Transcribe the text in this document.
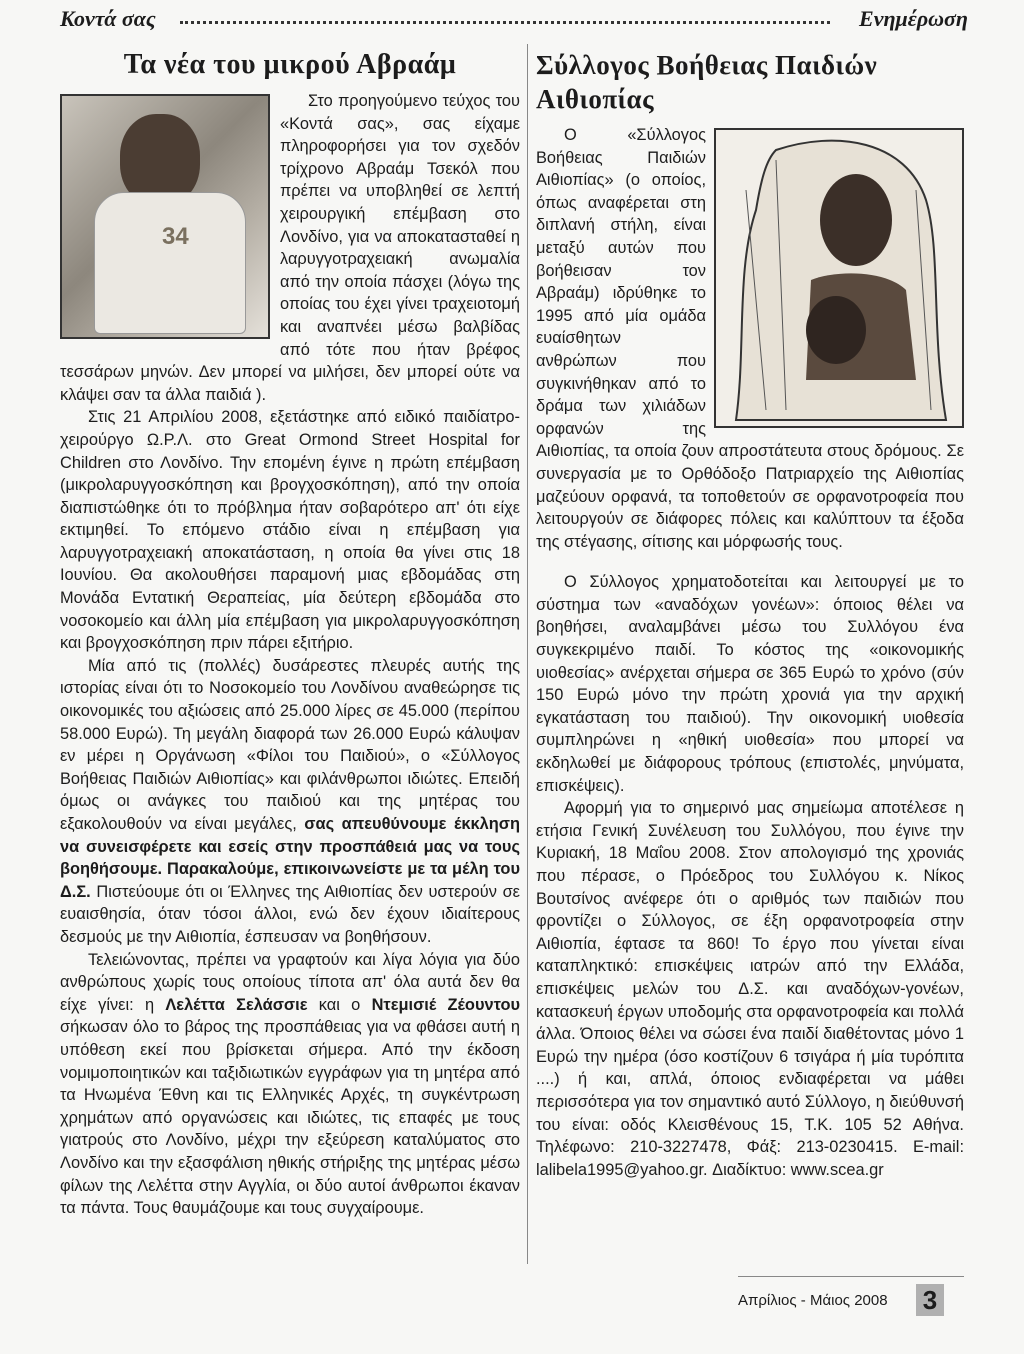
Κοντά σας	Ενημέρωση
Τα νέα του μικρού Αβραάμ
34

Στο προηγούμενο τεύχος του «Κοντά σας», σας είχαμε πληροφορήσει για τον σχεδόν τρίχρονο Αβραάμ Τσεκόλ που πρέπει να υποβληθεί σε λεπτή χειρουργική επέμβαση στο Λονδίνο, για να αποκατασταθεί η λαρυγγοτραχειακή ανωμαλία από την οποία πάσχει (λόγω της οποίας του έχει γίνει τραχειοτομή και αναπνέει μέσω βαλβίδας από τότε που ήταν βρέφος τεσσάρων μηνών. Δεν μπορεί να μιλήσει, δεν μπορεί ούτε να κλάψει σαν τα άλλα παιδιά ).

Στις 21 Απριλίου 2008, εξετάστηκε από ειδικό παιδίατρο-χειρούργο Ω.Ρ.Λ. στο Great Ormond Street Hospital for Children στο Λονδίνο. Την επομένη έγινε η πρώτη επέμβαση (μικρολαρυγγοσκόπηση και βρογχοσκόπηση), από την οποία διαπιστώθηκε ότι το πρόβλημα ήταν σοβαρότερο απ' ότι είχε εκτιμηθεί. Το επόμενο στάδιο είναι η επέμβαση για λαρυγγοτραχειακή αποκατάσταση, η οποία θα γίνει στις 18 Ιουνίου. Θα ακολουθήσει παραμονή μιας εβδομάδας στη Μονάδα Εντατική Θεραπείας, μία δεύτερη εβδομάδα στο νοσοκομείο και άλλη μία επέμβαση για μικρολαρυγγοσκόπηση και βρογχοσκόπηση πριν πάρει εξιτήριο.

Μία από τις (πολλές) δυσάρεστες πλευρές αυτής της ιστορίας είναι ότι το Νοσοκομείο του Λονδίνου αναθεώρησε τις οικονομικές του αξιώσεις από 25.000 λίρες σε 45.000 (περίπου 58.000 Ευρώ). Τη μεγάλη διαφορά των 26.000 Ευρώ κάλυψαν εν μέρει η Οργάνωση «Φίλοι του Παιδιού», ο «Σύλλογος Βοήθειας Παιδιών Αιθιοπίας» και φιλάνθρωποι ιδιώτες. Επειδή όμως οι ανάγκες του παιδιού και της μητέρας του εξακολουθούν να είναι μεγάλες, σας απευθύνουμε έκκληση να συνεισφέρετε και εσείς στην προσπάθειά μας να τους βοηθήσουμε. Παρακαλούμε, επικοινωνείστε με τα μέλη του Δ.Σ. Πιστεύουμε ότι οι Έλληνες της Αιθιοπίας δεν υστερούν σε ευαισθησία, όταν τόσοι άλλοι, ενώ δεν έχουν ιδιαίτερους δεσμούς με την Αιθιοπία, έσπευσαν να βοηθήσουν.

Τελειώνοντας, πρέπει να γραφτούν και λίγα λόγια για δύο ανθρώπους χωρίς τους οποίους τίποτα απ' όλα αυτά δεν θα είχε γίνει: η Λελέττα Σελάσσιε και ο Ντεμισιέ Ζέουντου σήκωσαν όλο το βάρος της προσπάθειας για να φθάσει αυτή η υπόθεση εκεί που βρίσκεται σήμερα. Από την έκδοση νομιμοποιητικών και ταξιδιωτικών εγγράφων για τη μητέρα από τα Ηνωμένα Έθνη και τις Ελληνικές Αρχές, τη συγκέντρωση χρημάτων από οργανώσεις και ιδιώτες, τις επαφές με τους γιατρούς στο Λονδίνο, μέχρι την εξεύρεση καταλύματος στο Λονδίνο και την εξασφάλιση ηθικής στήριξης της μητέρας μέσω φίλων της Λελέττα στην Αγγλία, οι δύο αυτοί άνθρωποι έκαναν τα πάντα. Τους θαυμάζουμε και τους συγχαίρουμε.

Σύλλογος Βοήθειας Παιδιών Αιθιοπίας

Ο «Σύλλογος Βοήθειας Παιδιών Αιθιοπίας» (ο οποίος, όπως αναφέρεται στη διπλανή στήλη, είναι μεταξύ αυτών που βοήθεισαν τον Αβραάμ) ιδρύθηκε το 1995 από μία ομάδα ευαίσθητων ανθρώπων που συγκινήθηκαν από το δράμα των χιλιάδων ορφανών της Αιθιοπίας, τα οποία ζουν απροστάτευτα στους δρόμους. Σε συνεργασία με το Ορθόδοξο Πατριαρχείο της Αιθιοπίας μαζεύουν ορφανά, τα τοποθετούν σε ορφανοτροφεία που λειτουργούν σε διάφορες πόλεις και καλύπτουν τα έξοδα της στέγασης, σίτισης και μόρφωσής τους.

Ο Σύλλογος χρηματοδοτείται και λειτουργεί με το σύστημα των «αναδόχων γονέων»: όποιος θέλει να βοηθήσει, αναλαμβάνει μέσω του Συλλόγου ένα συγκεκριμένο παιδί. Το κόστος της «οικονομικής υιοθεσίας» ανέρχεται σήμερα σε 365 Ευρώ το χρόνο (σύν 150 Ευρώ μόνο την πρώτη χρονιά για την αρχική εγκατάσταση του παιδιού). Την οικονομική υιοθεσία συμπληρώνει η «ηθική υιοθεσία» που μπορεί να εκδηλωθεί με διάφορους τρόπους (επιστολές, μηνύματα, επισκέψεις).

Αφορμή για το σημερινό μας σημείωμα αποτέλεσε η ετήσια Γενική Συνέλευση του Συλλόγου, που έγινε την Κυριακή, 18 Μαΐου 2008. Στον απολογισμό της χρονιάς που πέρασε, ο Πρόεδρος του Συλλόγου κ. Νίκος Βουτσίνος ανέφερε ότι ο αριθμός των παιδιών που φροντίζει ο Σύλλογος, σε έξη ορφανοτροφεία στην Αιθιοπία, έφτασε τα 860! Το έργο που γίνεται είναι καταπληκτικό: επισκέψεις ιατρών από την Ελλάδα, επισκέψεις μελών του Δ.Σ. και αναδόχων-γονέων, κατασκευή έργων υποδομής στα ορφανοτροφεία και πολλά άλλα. Όποιος θέλει να σώσει ένα παιδί διαθέτοντας μόνο 1 Ευρώ την ημέρα (όσο κοστίζουν 6 τσιγάρα ή μία τυρόπιτα ....) ή και, απλά, όποιος ενδιαφέρεται να μάθει περισσότερα για τον σημαντικό αυτό Σύλλογο, η διεύθυνσή του είναι: οδός Κλεισθένους 15, Τ.Κ. 105 52 Αθήνα. Τηλέφωνο: 210-3227478, Φάξ: 213-0230415. E-mail: lalibela1995@yahoo.gr. Διαδίκτυο: www.scea.gr

Απρίλιος - Μάιος 2008 3
